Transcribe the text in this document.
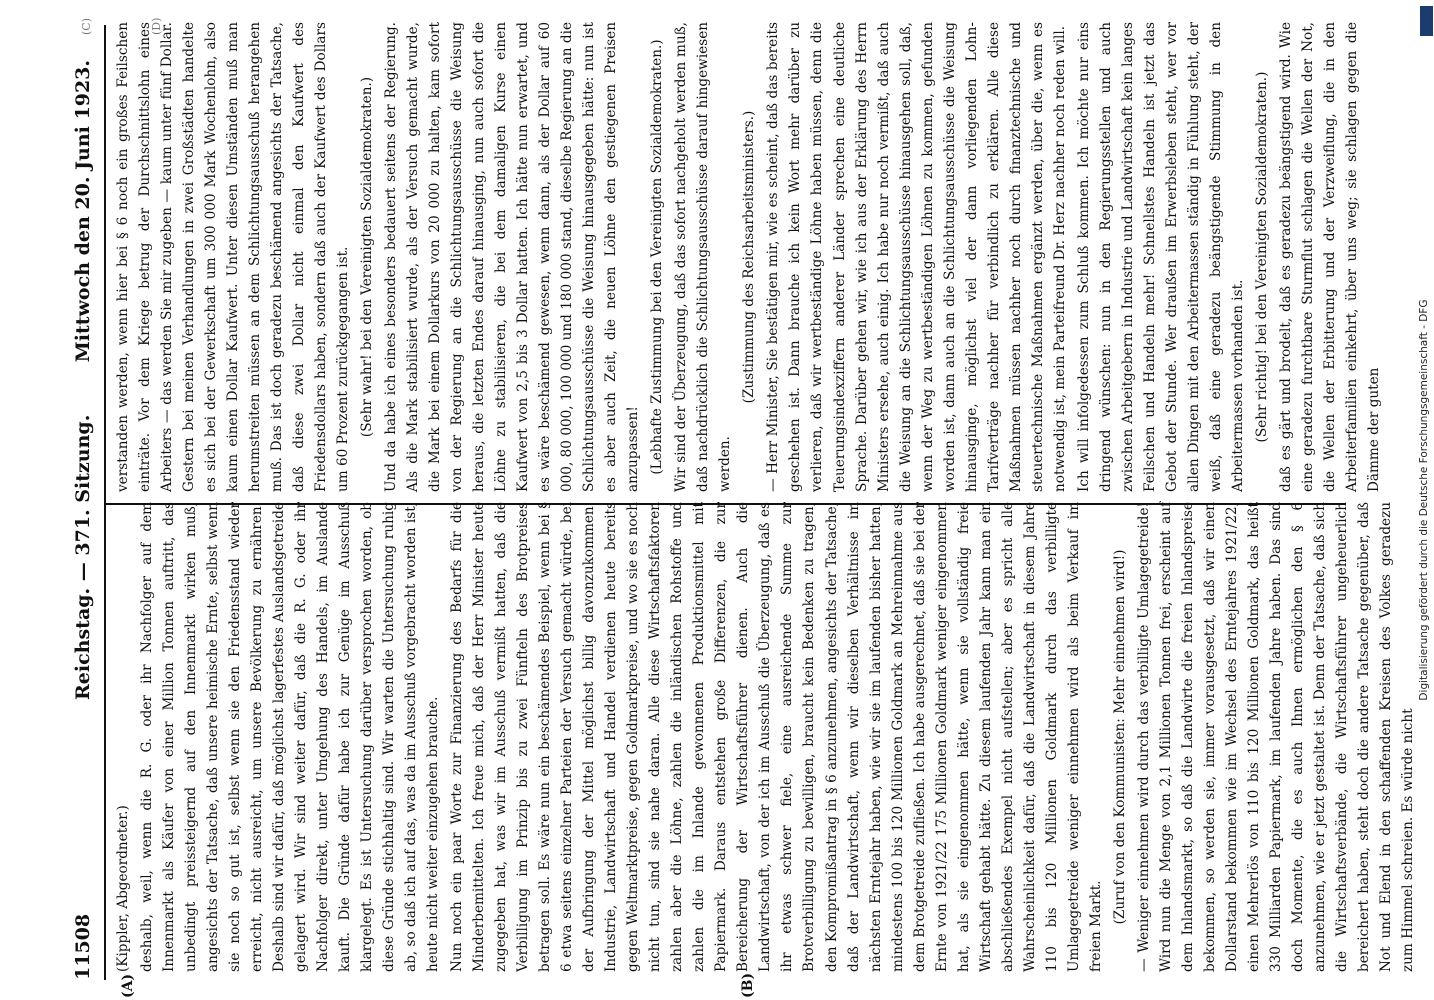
11508
Reichstag. — 371. Sitzung.
Mittwoch den 20. Juni 1923.
(A)	(B)
(C)	(D)

(Kippler, Abgeordneter.) deshalb, weil, wenn die R. G. oder ihr Nachfolger auf dem Innenmarkt als Käufer von einer Million Tonnen auftritt, das unbedingt preissteigernd auf den Innenmarkt wirken muß, angesichts der Tatsache, daß unsere heimische Ernte, selbst wenn sie noch so gut ist, selbst wenn sie den Friedensstand wieder erreicht, nicht ausreicht, um unsere Bevölkerung zu ernähren. Deshalb sind wir dafür, daß möglichst lagerfestes Auslandsgetreide gelagert wird. Wir sind weiter dafür, daß die R. G. oder ihr Nachfolger direkt, unter Umgehung des Handels, im Auslande kauft. Die Gründe dafür habe ich zur Genüge im Ausschuß klargelegt. Es ist Untersuchung darüber versprochen worden, ob diese Gründe stichhaltig sind. Wir warten die Untersuchung ruhig ab, so daß ich auf das, was da im Ausschuß vorgebracht worden ist, heute nicht weiter einzugehen brauche. Nun noch ein paar Worte zur Finanzierung des Bedarfs für die Minderbemittelten. Ich freue mich, daß der Herr Minister heute zugegeben hat, was wir im Ausschuß vermißt hatten, daß die Verbilligung im Prinzip bis zu zwei Fünfteln des Brotpreises betragen soll. Es wäre nun ein beschämendes Beispiel, wenn bei § 6 etwa seitens einzelner Parteien der Versuch gemacht würde, bei der Aufbringung der Mittel möglichst billig davonzukommen. Industrie, Landwirtschaft und Handel verdienen heute bereits gegen Weltmarktpreise, gegen Goldmarkpreise, und wo sie es noch nicht tun, sind sie nahe daran. Alle diese Wirtschaftsfaktoren zahlen aber die Löhne, zahlen die inländischen Rohstoffe und zahlen die im Inlande gewonnenen Produktionsmittel mit Papiermark. Daraus entstehen große Differenzen, die zur Bereicherung der Wirtschaftsführer dienen. Auch die Landwirtschaft, von der ich im Ausschuß die Überzeugung, daß es ihr etwas schwer fiele, eine ausreichende Summe zur Brotverbilligung zu bewilligen, braucht kein Bedenken zu tragen, den Kompromißantrag in § 6 anzunehmen, angesichts der Tatsache, daß der Landwirtschaft, wenn wir dieselben Verhältnisse im nächsten Erntejahr haben, wie wir sie im laufenden bisher hatten, mindestens 100 bis 120 Millionen Goldmark an Mehreinnahme aus dem Brotgetreide zufließen. Ich habe ausgerechnet, daß sie bei der Ernte von 1921/22 175 Millionen Goldmark weniger eingenommen hat, als sie eingenommen hätte, wenn sie vollständig freie Wirtschaft gehabt hätte. Zu diesem laufenden Jahr kann man ein abschließendes Exempel nicht aufstellen; aber es spricht alle Wahrscheinlichkeit dafür, daß die Landwirtschaft in diesem Jahre 110 bis 120 Millionen Goldmark durch das verbilligte Umlagegetreide weniger einnehmen wird als beim Verkauf im freien Markt.

(Zuruf von den Kommunisten: Mehr einnehmen wird!) — Weniger einnehmen wird durch das verbilligte Umlagegetreide! Wird nun die Menge von 2,1 Millionen Tonnen frei, erscheint auf dem Inlandsmarkt, so daß die Landwirte die freien Inlandspreise bekommen, so werden sie, immer vorausgesetzt, daß wir einen Dollarstand bekommen wie im Wechsel des Erntejahres 1921/22, einen Mehrerlös von 110 bis 120 Millionen Goldmark, das heißt 330 Milliarden Papiermark, im laufenden Jahre haben. Das sind doch Momente, die es auch Ihnen ermöglichen den § 6 anzunehmen, wie er jetzt gestaltet ist. Denn der Tatsache, daß sich die Wirtschaftsverbände, die Wirtschaftsführer ungeheuerlich bereichert haben, steht doch die andere Tatsache gegenüber, daß Not und Elend in den schaffenden Kreisen des Volkes geradezu zum Himmel schreien. Es würde nicht

verstanden werden, wenn hier bei § 6 noch ein großes Feilschen einträte. Vor dem Kriege betrug der Durchschnittslohn eines Arbeiters — das werden Sie mir zugeben — kaum unter fünf Dollar. Gestern bei meinen Verhandlungen in zwei Großstädten handelte es sich bei der Gewerkschaft um 300 000 Mark Wochenlohn, also kaum einen Dollar Kaufwert. Unter diesen Umständen muß man herumstreiten müssen an dem Schlichtungsausschuß herangehen muß. Das ist doch geradezu beschämend angesichts der Tatsache, daß diese zwei Dollar nicht einmal den Kaufwert des Friedensdollars haben, sondern daß auch der Kaufwert des Dollars um 60 Prozent zurückgegangen ist. (Sehr wahr! bei den Vereinigten Sozialdemokraten.) Und da habe ich eines besonders bedauert seitens der Regierung. Als die Mark stabilisiert wurde, als der Versuch gemacht wurde, die Mark bei einem Dollarkurs von 20 000 zu halten, kam sofort von der Regierung an die Schlichtungsausschüsse die Weisung heraus, die letzten Endes darauf hinausging, nun auch sofort die Löhne zu stabilisieren, die bei dem damaligen Kurse einen Kaufwert von 2,5 bis 3 Dollar hatten. Ich hätte nun erwartet, und es wäre beschämend gewesen, wenn dann, als der Dollar auf 60 000, 80 000, 100 000 und 180 000 stand, dieselbe Regierung an die Schlichtungsausschüsse die Weisung hinausgegeben hätte: nun ist es aber auch Zeit, die neuen Löhne den gestiegenen Preisen anzupassen! (Lebhafte Zustimmung bei den Vereinigten Sozialdemokraten.) Wir sind der Überzeugung, daß das sofort nachgeholt werden muß, daß nachdrücklich die Schlichtungsausschüsse darauf hingewiesen werden.

(Zustimmung des Reichsarbeitsministers.) — Herr Minister, Sie bestätigen mir, wie es scheint, daß das bereits geschehen ist. Dann brauche ich kein Wort mehr darüber zu verlieren, daß wir wertbeständige Löhne haben müssen, denn die Teuerungsindexziffern anderer Länder sprechen eine deutliche Sprache. Darüber gehen wir, wie ich aus der Erklärung des Herrn Ministers ersehe, auch einig. Ich habe nur noch vermißt, daß auch die Weisung an die Schlichtungsausschüsse hinausgehen soll, daß, wenn der Weg zu wertbeständigen Löhnen zu kommen, gefunden worden ist, dann auch an die Schlichtungsausschüsse die Weisung hinausginge, möglichst viel der dann vorliegenden Lohn-Tarifverträge nachher für verbindlich zu erklären. Alle diese Maßnahmen müssen nachher noch durch finanztechnische und steuertechnische Maßnahmen ergänzt werden, über die, wenn es notwendig ist, mein Parteifreund Dr. Herz nachher noch reden will. Ich will infolgedessen zum Schluß kommen. Ich möchte nur eins dringend wünschen: nun in den Regierungsstellen und auch zwischen Arbeitgebern in Industrie und Landwirtschaft kein langes Feilschen und Handeln mehr! Schnellstes Handeln ist jetzt das Gebot der Stunde. Wer draußen im Erwerbsleben steht, wer vor allen Dingen mit den Arbeitermassen ständig in Fühlung steht, der weiß, daß eine geradezu beängstigende Stimmung in den Arbeitermassen vorhanden ist. (Sehr richtig! bei den Vereinigten Sozialdemokraten.) daß es gärt und brodelt, daß es geradezu beängstigend wird. Wie eine geradezu furchtbare Sturmflut schlagen die Wellen der Not, die Wellen der Erbitterung und der Verzweiflung, die in den Arbeiterfamilien einkehrt, über uns weg; sie schlagen gegen die Dämme der guten	Digitalisierung gefördert durch die Deutsche Forschungsgemeinschaft - DFG
